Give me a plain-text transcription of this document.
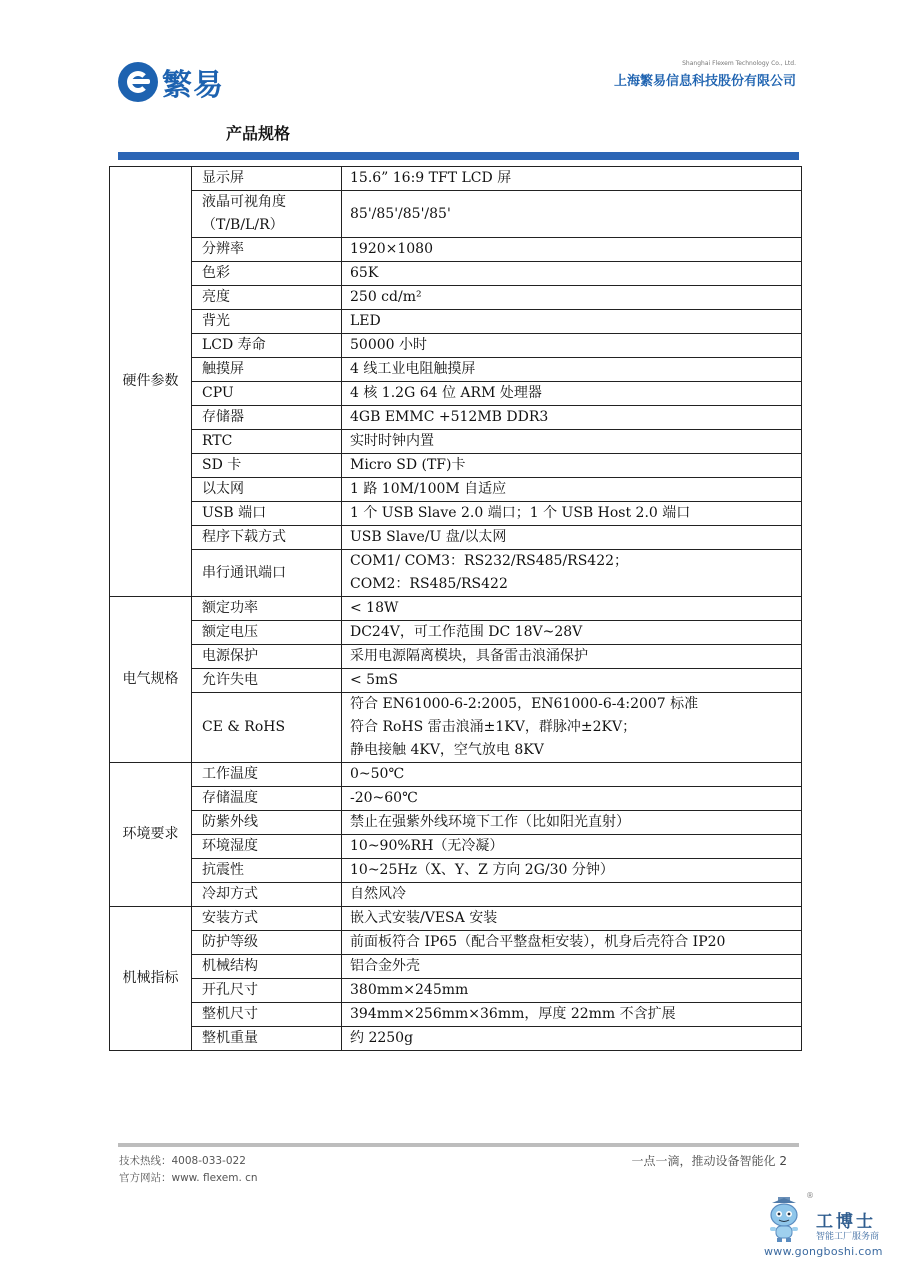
繁易
Shanghai Flexem Technology Co., Ltd.
上海繁易信息科技股份有限公司
产品规格
硬件参数	显示屏	15.6” 16:9 TFT LCD 屏

	液晶可视角度
（T/B/L/R）	85'/85'/85'/85'
	分辨率	1920×1080
	色彩	65K
	亮度	250 cd/m²
	背光	LED
	LCD 寿命	50000 小时
	触摸屏	4 线工业电阻触摸屏
	CPU	4 核 1.2G 64 位 ARM 处理器
	存储器	4GB EMMC +512MB DDR3
	RTC	实时时钟内置
	SD 卡	Micro SD (TF)卡
	以太网	1 路 10M/100M 自适应
	USB 端口	1 个 USB Slave 2.0 端口；1 个 USB Host 2.0 端口
	程序下载方式	USB Slave/U 盘/以太网
	串行通讯端口	COM1/ COM3：RS232/RS485/RS422；
COM2：RS485/RS422

电气规格	额定功率	< 18W
	额定电压	DC24V，可工作范围 DC 18V~28V
	电源保护	采用电源隔离模块，具备雷击浪涌保护
	允许失电	< 5mS
	CE & RoHS	符合 EN61000-6-2:2005，EN61000-6-4:2007 标准
符合 RoHS 雷击浪涌±1KV，群脉冲±2KV；
静电接触 4KV，空气放电 8KV

环境要求	工作温度	0~50℃
	存储温度	-20~60℃
	防紫外线	禁止在强紫外线环境下工作（比如阳光直射）
	环境湿度	10~90%RH（无冷凝）
	抗震性	10~25Hz（X、Y、Z 方向 2G/30 分钟）
	冷却方式	自然风冷
机械指标	安装方式	嵌入式安装/VESA 安装
	防护等级	前面板符合 IP65（配合平整盘柜安装），机身后壳符合 IP20
	机械结构	铝合金外壳
	开孔尺寸	380mm×245mm
	整机尺寸	394mm×256mm×36mm，厚度 22mm 不含扩展
	整机重量	约 2250g
技术热线：4008-033-022
官方网站：www. flexem. cn
一点一滴，推动设备智能化 2
®
工博士
智能工厂服务商
www.gongboshi.com
